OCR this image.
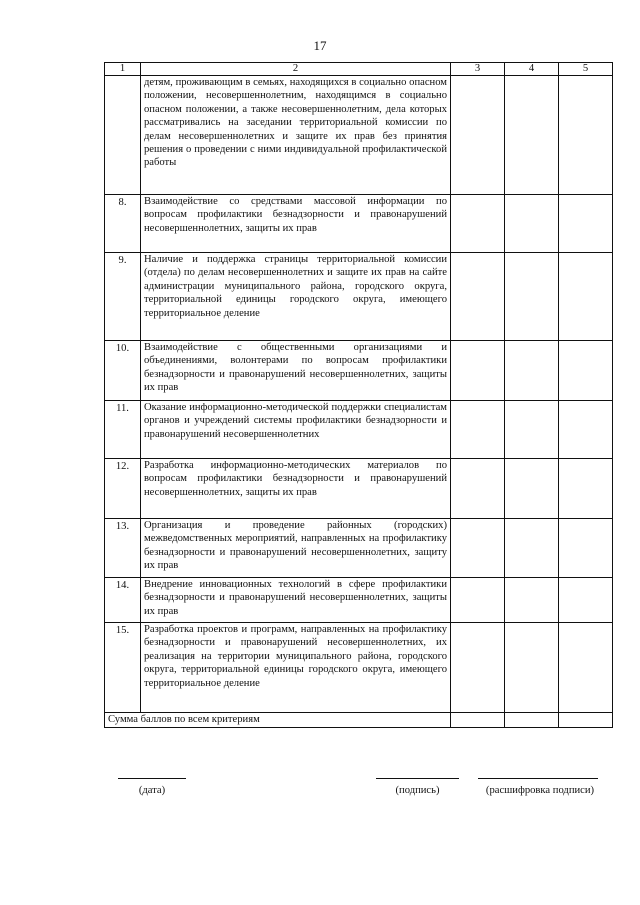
17
1	2	3	4	5
	детям, проживающим в семьях, находящихся в социально опасном положении, несовершеннолетним, находящимся в социально опасном положении, а также несовершеннолетним, дела которых рассматривались на заседании территориальной комиссии по делам несовершеннолетних и защите их прав без принятия решения о проведении с ними индивидуальной профилактической работы			
8.	Взаимодействие со средствами массовой информации по вопросам профилактики безнадзорности и правонарушений несовершеннолетних, защиты их прав			
9.	Наличие и поддержка страницы территориальной комиссии (отдела) по делам несовершеннолетних и защите их прав на сайте администрации муниципального района, городского округа, территориальной единицы городского округа, имеющего территориальное деление			
10.	Взаимодействие с общественными организациями и объединениями, волонтерами по вопросам профилактики безнадзорности и правонарушений несовершеннолетних, защиты их прав			
11.	Оказание информационно-методической поддержки специалистам органов и учреждений системы профилактики безнадзорности и правонарушений несовершеннолетних			
12.	Разработка информационно-методических материалов по вопросам профилактики безнадзорности и правонарушений несовершеннолетних, защиты их прав			
13.	Организация и проведение районных (городских) межведомственных мероприятий, направленных на профилактику безнадзорности и правонарушений несовершеннолетних, защиту их прав			
14.	Внедрение инновационных технологий в сфере профилактики безнадзорности и правонарушений несовершеннолетних, защиты их прав			
15.	Разработка проектов и программ, направленных на профилактику безнадзорности и правонарушений несовершеннолетних, их реализация на территории муниципального района, городского округа, территориальной единицы городского округа, имеющего территориальное деление			
Сумма баллов по всем критериям				
(дата)	(подпись)	(расшифровка подписи)
